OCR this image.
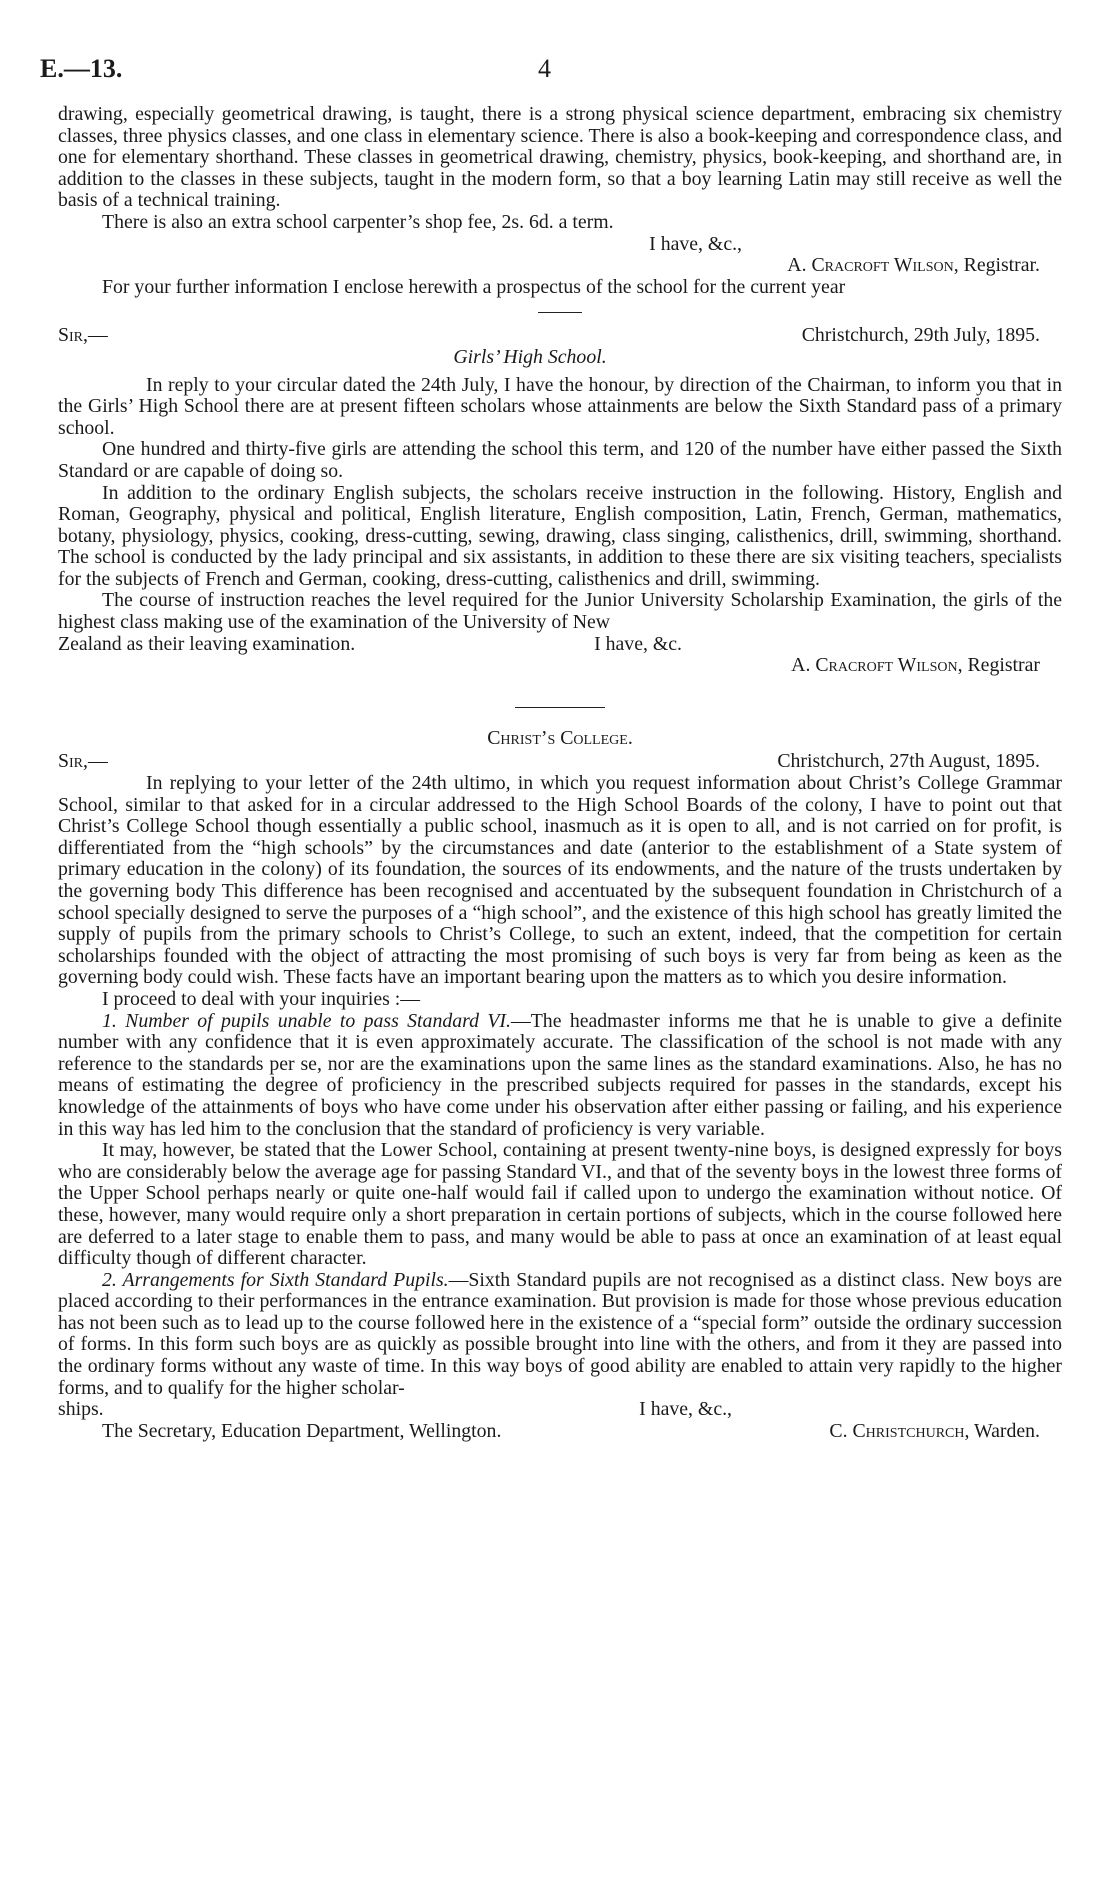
E.—13.	4

drawing, especially geometrical drawing, is taught, there is a strong physical science department, embracing six chemistry classes, three physics classes, and one class in elementary science. There is also a book-keeping and correspondence class, and one for elementary shorthand. These classes in geometrical drawing, chemistry, physics, book-keeping, and shorthand are, in addition to the classes in these subjects, taught in the modern form, so that a boy learning Latin may still receive as well the basis of a technical training.

There is also an extra school carpenter’s shop fee, 2s. 6d. a term.

I have, &c.,

A. Cracroft Wilson, Registrar.

For your further information I enclose herewith a prospectus of the school for the current year

Sir,—	Christchurch, 29th July, 1895.

Girls’ High School.

In reply to your circular dated the 24th July, I have the honour, by direction of the Chairman, to inform you that in the Girls’ High School there are at present fifteen scholars whose attainments are below the Sixth Standard pass of a primary school.

One hundred and thirty-five girls are attending the school this term, and 120 of the number have either passed the Sixth Standard or are capable of doing so.

In addition to the ordinary English subjects, the scholars receive instruction in the following. History, English and Roman, Geography, physical and political, English literature, English composition, Latin, French, German, mathematics, botany, physiology, physics, cooking, dress-cutting, sewing, drawing, class singing, calisthenics, drill, swimming, shorthand. The school is conducted by the lady principal and six assistants, in addition to these there are six visiting teachers, specialists for the subjects of French and German, cooking, dress-cutting, calisthenics and drill, swimming.

The course of instruction reaches the level required for the Junior University Scholarship Examination, the girls of the highest class making use of the examination of the University of New

Zealand as their leaving examination.	I have, &c.

A. Cracroft Wilson, Registrar

Christ’s College.

Sir,—	Christchurch, 27th August, 1895.

In replying to your letter of the 24th ultimo, in which you request information about Christ’s College Grammar School, similar to that asked for in a circular addressed to the High School Boards of the colony, I have to point out that Christ’s College School though essentially a public school, inasmuch as it is open to all, and is not carried on for profit, is differentiated from the “high schools” by the circumstances and date (anterior to the establishment of a State system of primary education in the colony) of its foundation, the sources of its endowments, and the nature of the trusts undertaken by the governing body This difference has been recognised and accentuated by the subsequent foundation in Christchurch of a school specially designed to serve the purposes of a “high school”, and the existence of this high school has greatly limited the supply of pupils from the primary schools to Christ’s College, to such an extent, indeed, that the competition for certain scholarships founded with the object of attracting the most promising of such boys is very far from being as keen as the governing body could wish. These facts have an important bearing upon the matters as to which you desire information.

I proceed to deal with your inquiries :—

1. Number of pupils unable to pass Standard VI.—The headmaster informs me that he is unable to give a definite number with any confidence that it is even approximately accurate. The classification of the school is not made with any reference to the standards per se, nor are the examinations upon the same lines as the standard examinations. Also, he has no means of estimating the degree of proficiency in the prescribed subjects required for passes in the standards, except his knowledge of the attainments of boys who have come under his observation after either passing or failing, and his experience in this way has led him to the conclusion that the standard of proficiency is very variable.

It may, however, be stated that the Lower School, containing at present twenty-nine boys, is designed expressly for boys who are considerably below the average age for passing Standard VI., and that of the seventy boys in the lowest three forms of the Upper School perhaps nearly or quite one-half would fail if called upon to undergo the examination without notice. Of these, however, many would require only a short preparation in certain portions of subjects, which in the course followed here are deferred to a later stage to enable them to pass, and many would be able to pass at once an examination of at least equal difficulty though of different character.

2. Arrangements for Sixth Standard Pupils.—Sixth Standard pupils are not recognised as a distinct class. New boys are placed according to their performances in the entrance examination. But provision is made for those whose previous education has not been such as to lead up to the course followed here in the existence of a “special form” outside the ordinary succession of forms. In this form such boys are as quickly as possible brought into line with the others, and from it they are passed into the ordinary forms without any waste of time. In this way boys of good ability are enabled to attain very rapidly to the higher forms, and to qualify for the higher scholar-

ships.	I have, &c.,
The Secretary, Education Department, Wellington.	C. Christchurch, Warden.
